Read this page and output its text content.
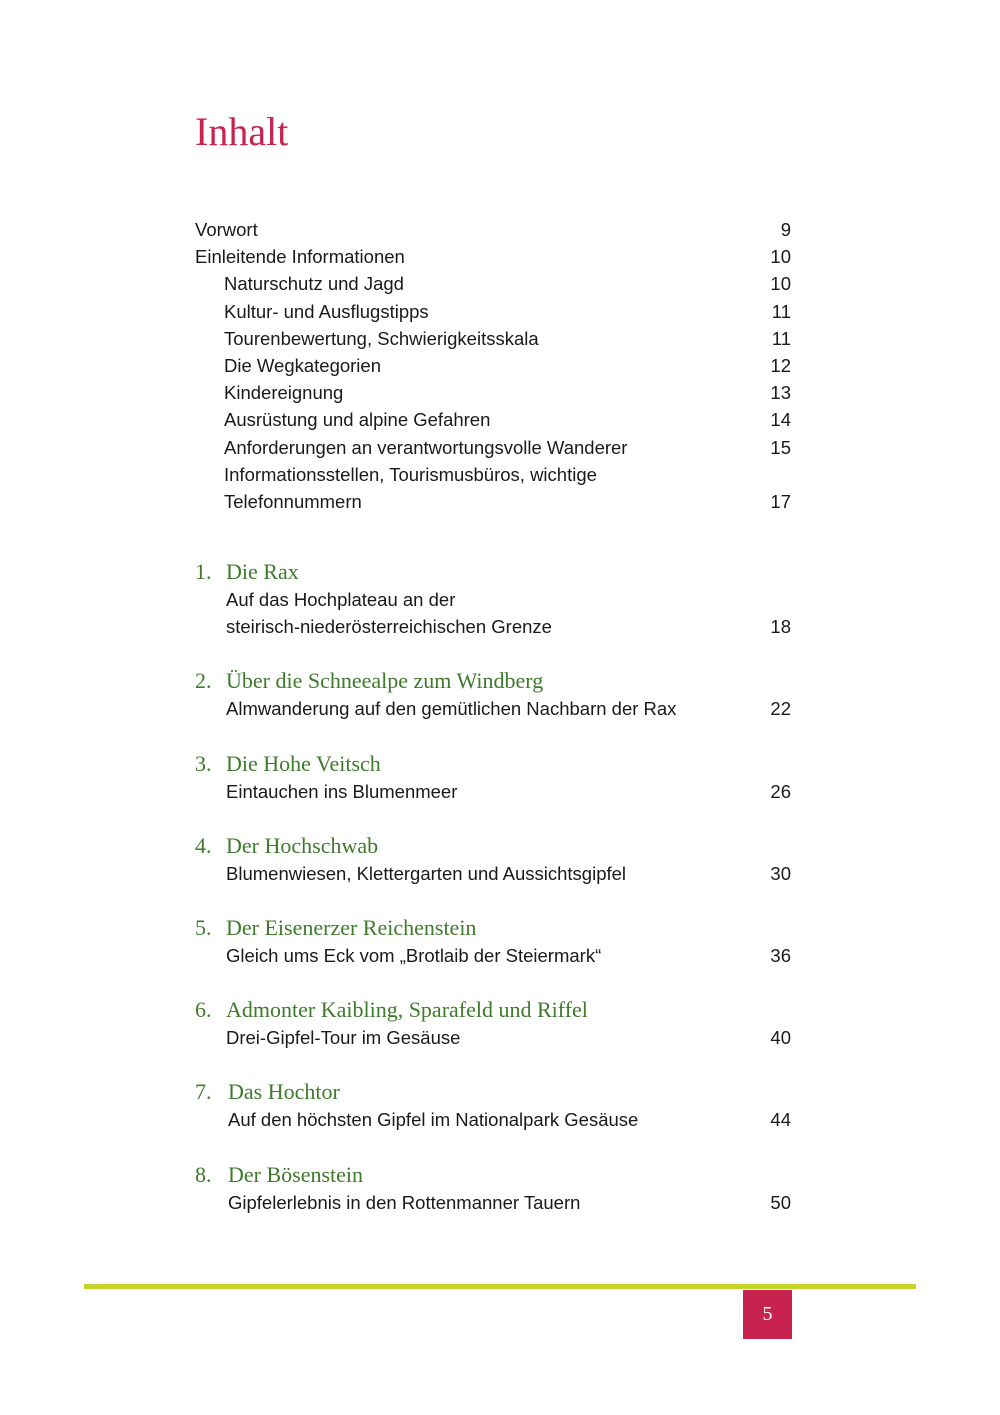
Inhalt
Vorwort	9
Einleitende Informationen	10
Naturschutz und Jagd	10
Kultur- und Ausflugstipps	11
Tourenbewertung, Schwierigkeitsskala	11
Die Wegkategorien	12
Kindereignung	13
Ausrüstung und alpine Gefahren	14
Anforderungen an verantwortungsvolle Wanderer	15
Informationsstellen, Tourismusbüros, wichtige
Telefonnummern	17
1. Die Rax
Auf das Hochplateau an der
steirisch-niederösterreichischen Grenze	18
2. Über die Schneealpe zum Windberg
Almwanderung auf den gemütlichen Nachbarn der Rax	22
3. Die Hohe Veitsch
Eintauchen ins Blumenmeer	26
4. Der Hochschwab
Blumenwiesen, Klettergarten und Aussichtsgipfel	30
5. Der Eisenerzer Reichenstein
Gleich ums Eck vom „Brotlaib der Steiermark“	36
6. Admonter Kaibling, Sparafeld und Riffel
Drei-Gipfel-Tour im Gesäuse	40
7. Das Hochtor
Auf den höchsten Gipfel im Nationalpark Gesäuse	44
8. Der Bösenstein
Gipfelerlebnis in den Rottenmanner Tauern	50
5
